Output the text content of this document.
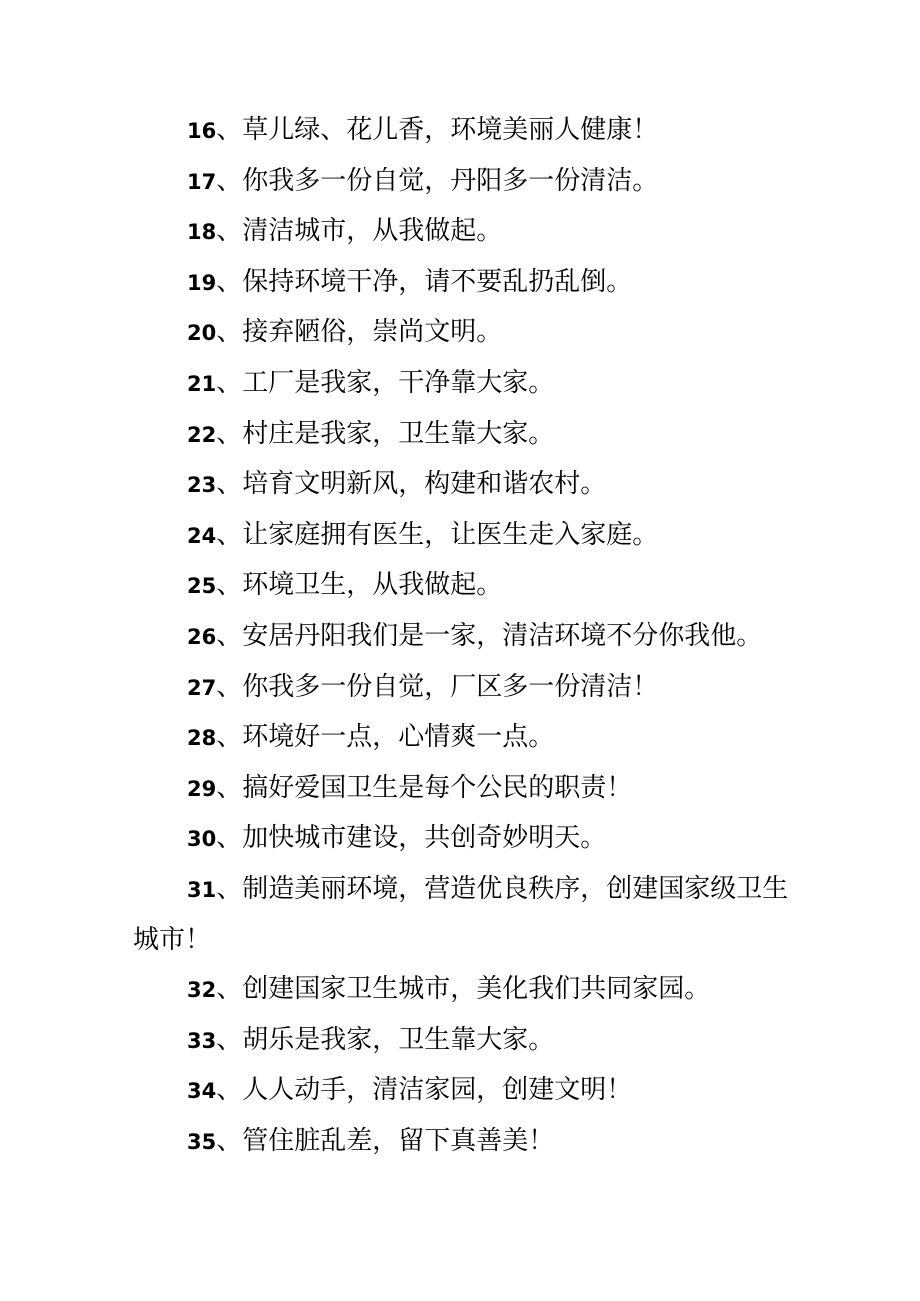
16、草儿绿、花儿香，环境美丽人健康！

17、你我多一份自觉，丹阳多一份清洁。

18、清洁城市，从我做起。

19、保持环境干净，请不要乱扔乱倒。

20、接弃陋俗，崇尚文明。

21、工厂是我家，干净靠大家。

22、村庄是我家，卫生靠大家。

23、培育文明新风，构建和谐农村。

24、让家庭拥有医生，让医生走入家庭。

25、环境卫生，从我做起。

26、安居丹阳我们是一家，清洁环境不分你我他。

27、你我多一份自觉，厂区多一份清洁！

28、环境好一点，心情爽一点。

29、搞好爱国卫生是每个公民的职责！

30、加快城市建设，共创奇妙明天。

31、制造美丽环境，营造优良秩序，创建国家级卫生城市！

32、创建国家卫生城市，美化我们共同家园。

33、胡乐是我家，卫生靠大家。

34、人人动手，清洁家园，创建文明！

35、管住脏乱差，留下真善美！
